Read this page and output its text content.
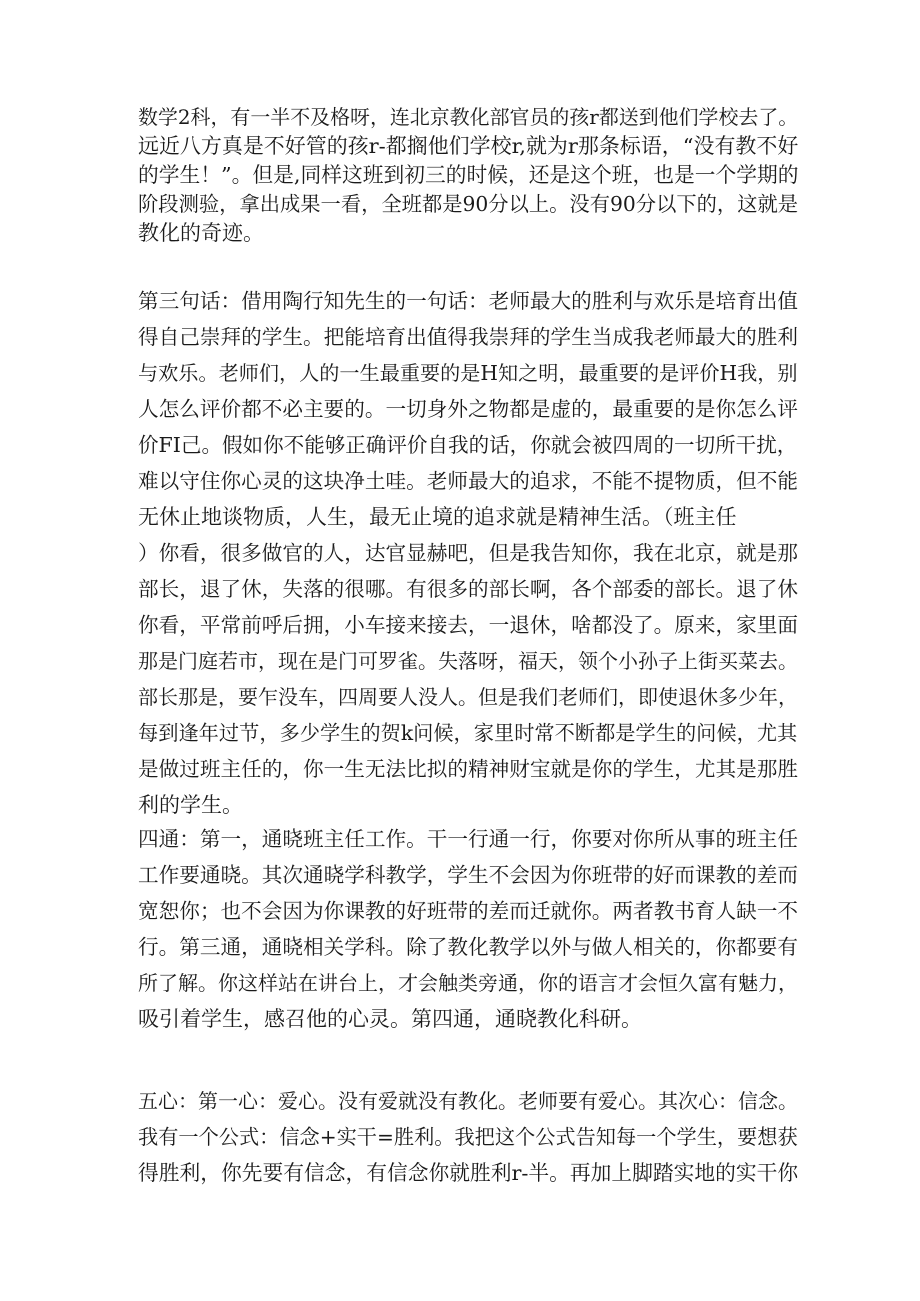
数学2科，有一半不及格呀，连北京教化部官员的孩r都送到他们学校去了。
远近八方真是不好管的孩r-都搁他们学校r,就为r那条标语，“没有教不好
的学生！”。但是,同样这班到初三的时候，还是这个班，也是一个学期的
阶段测验，拿出成果一看，全班都是90分以上。没有90分以下的，这就是
教化的奇迹。
第三句话：借用陶行知先生的一句话：老师最大的胜利与欢乐是培育出值
得自己崇拜的学生。把能培育出值得我崇拜的学生当成我老师最大的胜利
与欢乐。老师们，人的一生最重要的是H知之明，最重要的是评价H我，别
人怎么评价都不必主要的。一切身外之物都是虚的，最重要的是你怎么评
价FI己。假如你不能够正确评价自我的话，你就会被四周的一切所干扰，
难以守住你心灵的这块净土哇。老师最大的追求，不能不提物质，但不能
无休止地谈物质，人生，最无止境的追求就是精神生活。（班主任
）你看，很多做官的人，达官显赫吧，但是我告知你，我在北京，就是那
部长，退了休，失落的很哪。有很多的部长啊，各个部委的部长。退了休
你看，平常前呼后拥，小车接来接去，一退休，啥都没了。原来，家里面
那是门庭若市，现在是门可罗雀。失落呀，福天，领个小孙子上街买菜去。
部长那是，要乍没车，四周要人没人。但是我们老师们，即使退休多少年，
每到逢年过节，多少学生的贺k问候，家里时常不断都是学生的问候，尤其
是做过班主任的，你一生无法比拟的精神财宝就是你的学生，尤其是那胜
利的学生。
四通：第一，通晓班主任工作。干一行通一行，你要对你所从事的班主任
工作要通晓。其次通晓学科教学，学生不会因为你班带的好而课教的差而
宽恕你；也不会因为你课教的好班带的差而迁就你。两者教书育人缺一不
行。第三通，通晓相关学科。除了教化教学以外与做人相关的，你都要有
所了解。你这样站在讲台上，才会触类旁通，你的语言才会恒久富有魅力，
吸引着学生，感召他的心灵。第四通，通晓教化科研。
五心：第一心：爱心。没有爱就没有教化。老师要有爱心。其次心：信念。
我有一个公式：信念+实干=胜利。我把这个公式告知每一个学生，要想获
得胜利，你先要有信念，有信念你就胜利r-半。再加上脚踏实地的实干你
